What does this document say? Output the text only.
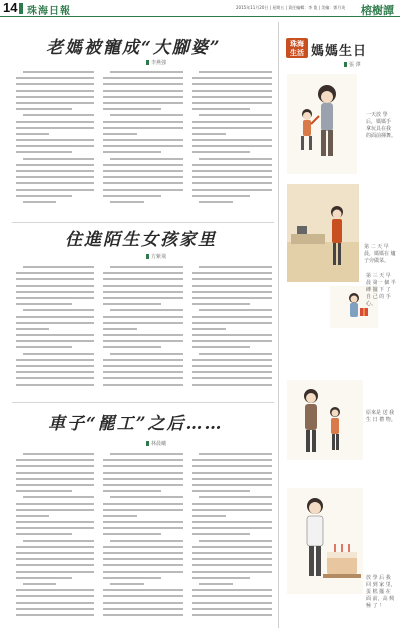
14 珠海日報	2015年11月20日 | 星期五 | 責任編輯：李 俊 | 美編：鄧月英 榕樹譚
老媽被寵成“大腳婆”
李燕強
住進陌生女孩家里
方紫飛
車子“罷工”之后……
林晨曦
珠海 生活 媽媽生日
張 澤
一天放 學后，媽媽手 拿玩具在我 的面前揮舞。
第 二 天 早 晨，媽媽在 爐子旁做菜。
第 三 天 早 晨 第一 個 半 磚 擺 下 了 自 己 的 手 心。
原來是 送 我 生 日 禮 物。
放 學 后 我 回 到 家 里，蛋 糕 擺 在 面 前，高 興 極 了 ！
